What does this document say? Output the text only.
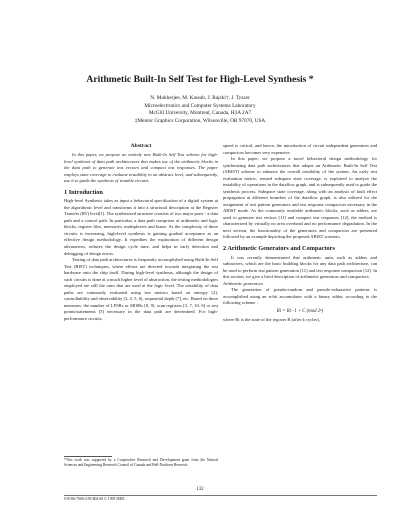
Arithmetic Built-In Self Test for High-Level Synthesis *
N. Mukherjee, M. Kassab, J. Rajski†, J. Tyszer
Microelectronics and Computer Systems Laboratory
McGill University, Montreal, Canada, H3A 2A7
‡Mentor Graphics Corporation, Wilsonville, OR 97070, USA
Abstract

In this paper, we propose an entirely new Built-In Self Test scheme for high-level synthesis of data path architectures that makes use of the arithmetic blocks in the data path to generate test vectors and compact test responses. The paper employs state coverage to evaluate testability in an abstract level, and subsequently, use it to guide the synthesis of testable circuits.

1 Introduction

High-level Synthesis takes as input a behavioral specification of a digital system at the algorithmic level and transforms it into a structural description at the Register Transfer (RT) level[1]. The synthesized structure consists of two major parts - a data path and a control path. In particular, a data path comprises of arithmetic and logic blocks, register files, memories, multiplexers and buses. As the complexity of these circuits is increasing, high-level synthesis is gaining gradual acceptance as an effective design methodology. It expedites the exploration of different design alternatives, reduces the design cycle time, and helps in early detection and debugging of design errors.

Testing of data path architectures is frequently accomplished using Built-In Self Test (BIST) techniques, where efforts are directed towards integrating the test hardware onto the chip itself. During high-level synthesis, although the design of such circuits is done at a much higher level of abstraction, the testing methodologies employed are still the ones that are used at the logic level. The testability of data paths are commonly evaluated using test metrics based on entropy [2], controllability and observability [3, 4, 5, 6], sequential depth [7], etc. Based on these measures, the number of LFSRs or MISRs [8, 9], scan registers [3, 7, 10, 6] or test points/statements [5] necessary in the data path are determined. For high-performance circuits,

*This work was supported by a Cooperative Research and Development grant from the Natural Sciences and Engineering Research Council of Canada and Bell-Northern Research.

speed is critical, and hence, the introduction of circuit independent generators and compactors becomes very expensive.

In this paper, we propose a novel behavioral design methodology for synthesizing data path architectures that adopts an Arithmetic Built-In Self Test (ABIST) scheme to enhance the overall testability of the system. An early test evaluation metric, termed subspace state coverage, is exploited to analyze the testability of operations in the dataflow graph, and is subsequently used to guide the synthesis process. Subspace state coverage, along with an analysis of fault effect propagation at different branches of the dataflow graph, is also utilized for the assignment of test pattern generators and test response compactors necessary in the ABIST mode. As the commonly available arithmetic blocks, such as adders, are used to generate test vectors [11] and compact test responses [12], the method is characterized by virtually no area overhead and no performance degradation. In the next section, the functionality of the generators and compactors are presented followed by an example depicting the proposed ABIST scenario.

2 Arithmetic Generators and Compactors

It was recently demonstrated that arithmetic units such as adders and subtracters, which are the basic building blocks for any data path architecture, can be used to perform test pattern generation [11] and test response compaction [12]. In this section, we give a brief description of arithmetic generators and compactors.

Arithmetic generators

The generation of pseudo-random and pseudo-exhaustive patterns is accomplished using an n-bit accumulator with a binary adder, according to the following scheme :

Ri = Ri−1 + C (mod 2ⁿ)

where Ri is the state of the register R (after k cycles),

132
0-8186-7000-2/95 $04.00 © 1995 IEEE
